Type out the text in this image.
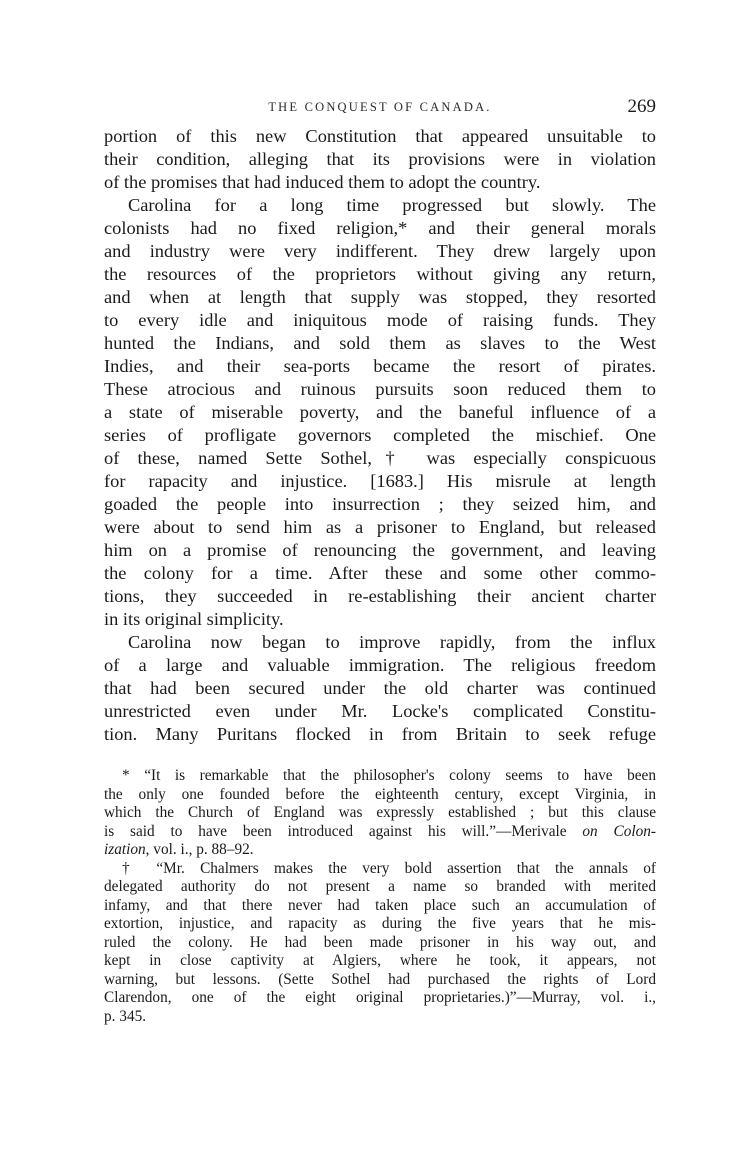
THE CONQUEST OF CANADA.	269
portion of this new Constitution that appeared unsuitable to
their condition, alleging that its provisions were in violation
of the promises that had induced them to adopt the country.
Carolina for a long time progressed but slowly. The
colonists had no fixed religion,* and their general morals
and industry were very indifferent. They drew largely upon
the resources of the proprietors without giving any return,
and when at length that supply was stopped, they resorted
to every idle and iniquitous mode of raising funds. They
hunted the Indians, and sold them as slaves to the West
Indies, and their sea-ports became the resort of pirates.
These atrocious and ruinous pursuits soon reduced them to
a state of miserable poverty, and the baneful influence of a
series of profligate governors completed the mischief. One
of these, named Sette Sothel,† was especially conspicuous
for rapacity and injustice. [1683.] His misrule at length
goaded the people into insurrection ; they seized him, and
were about to send him as a prisoner to England, but released
him on a promise of renouncing the government, and leaving
the colony for a time. After these and some other commo-
tions, they succeeded in re-establishing their ancient charter
in its original simplicity.
Carolina now began to improve rapidly, from the influx
of a large and valuable immigration. The religious freedom
that had been secured under the old charter was continued
unrestricted even under Mr. Locke's complicated Constitu-
tion. Many Puritans flocked in from Britain to seek refuge
* “It is remarkable that the philosopher's colony seems to have been
the only one founded before the eighteenth century, except Virginia, in
which the Church of England was expressly established ; but this clause
is said to have been introduced against his will.”—Merivale on Colon-
ization, vol. i., p. 88–92.
† “Mr. Chalmers makes the very bold assertion that the annals of
delegated authority do not present a name so branded with merited
infamy, and that there never had taken place such an accumulation of
extortion, injustice, and rapacity as during the five years that he mis-
ruled the colony. He had been made prisoner in his way out, and
kept in close captivity at Algiers, where he took, it appears, not
warning, but lessons. (Sette Sothel had purchased the rights of Lord
Clarendon, one of the eight original proprietaries.)”—Murray, vol. i.,
p. 345.
